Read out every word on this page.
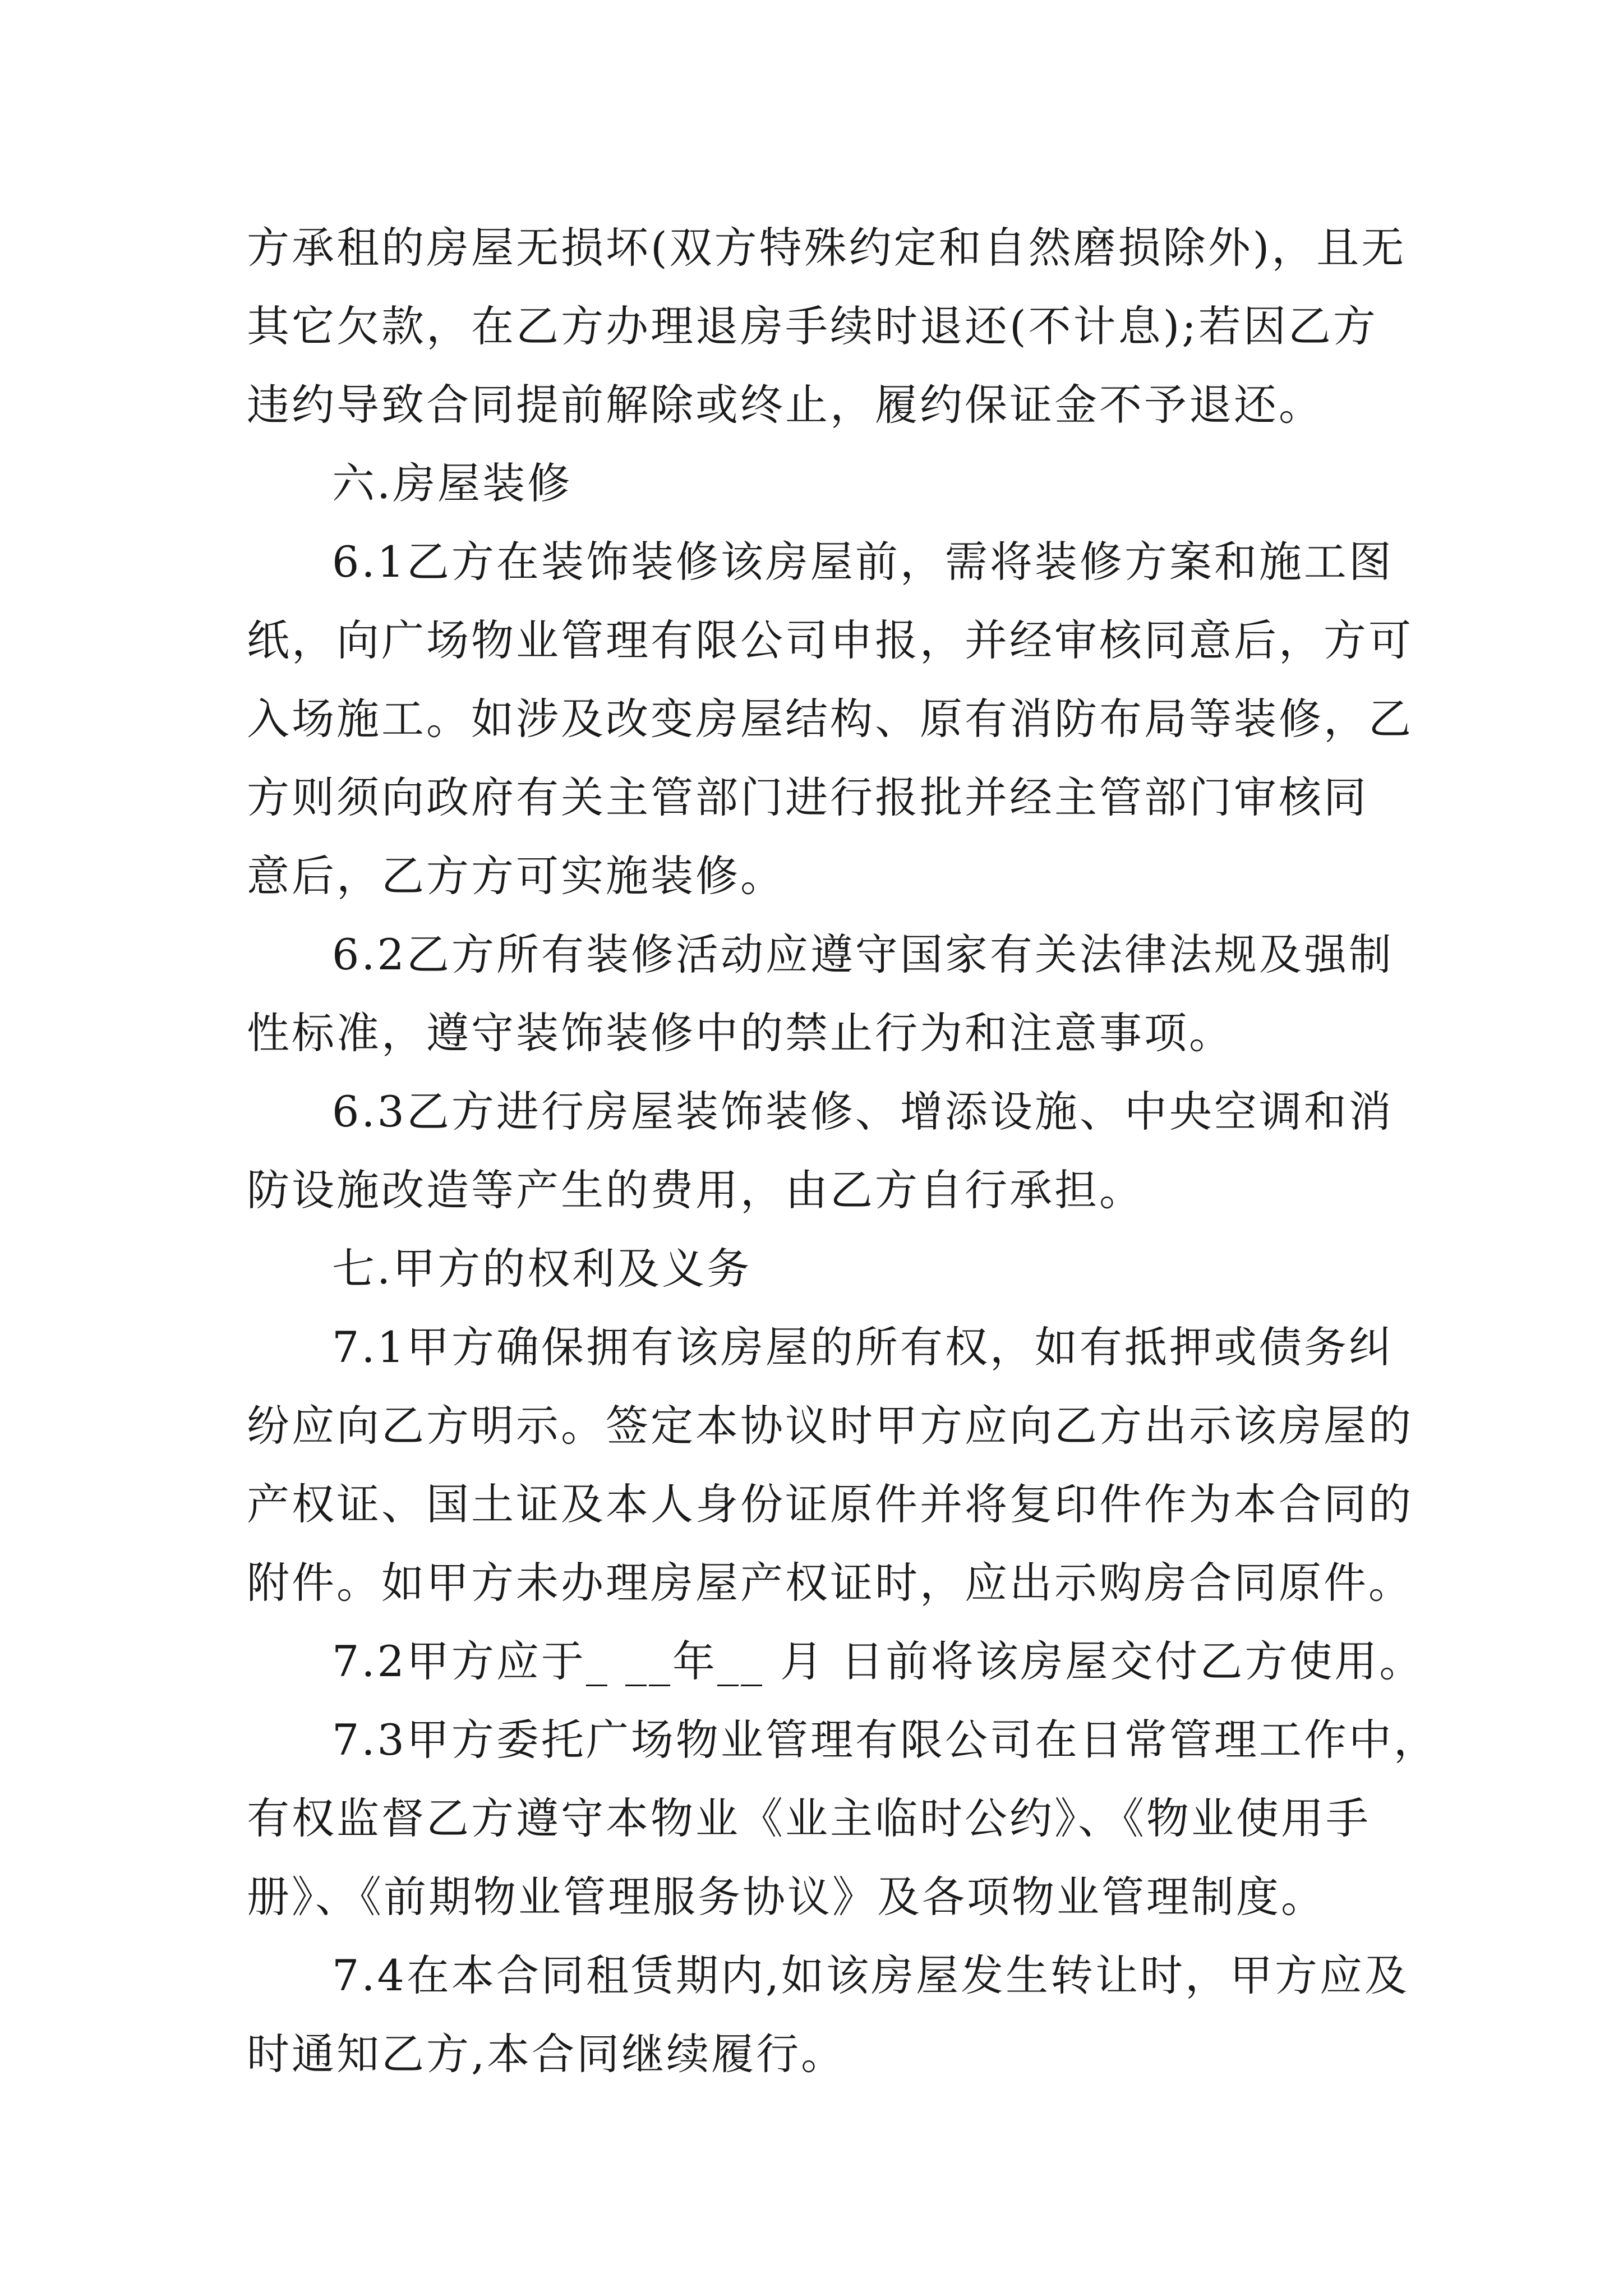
方承租的房屋无损坏(双方特殊约定和自然磨损除外)，且无
其它欠款，在乙方办理退房手续时退还(不计息);若因乙方
违约导致合同提前解除或终止，履约保证金不予退还。
六.房屋装修
6.1乙方在装饰装修该房屋前，需将装修方案和施工图
纸，向广场物业管理有限公司申报，并经审核同意后，方可
入场施工。如涉及改变房屋结构、原有消防布局等装修，乙
方则须向政府有关主管部门进行报批并经主管部门审核同
意后，乙方方可实施装修。
6.2乙方所有装修活动应遵守国家有关法律法规及强制
性标准，遵守装饰装修中的禁止行为和注意事项。
6.3乙方进行房屋装饰装修、增添设施、中央空调和消
防设施改造等产生的费用，由乙方自行承担。
七.甲方的权利及义务
7.1甲方确保拥有该房屋的所有权，如有抵押或债务纠
纷应向乙方明示。签定本协议时甲方应向乙方出示该房屋的
产权证、国土证及本人身份证原件并将复印件作为本合同的
附件。如甲方未办理房屋产权证时，应出示购房合同原件。
7.2甲方应于_ __年__ 月 日前将该房屋交付乙方使用。
7.3甲方委托广场物业管理有限公司在日常管理工作中，
有权监督乙方遵守本物业《业主临时公约》、《物业使用手
册》、《前期物业管理服务协议》及各项物业管理制度。
7.4在本合同租赁期内,如该房屋发生转让时，甲方应及
时通知乙方,本合同继续履行。
